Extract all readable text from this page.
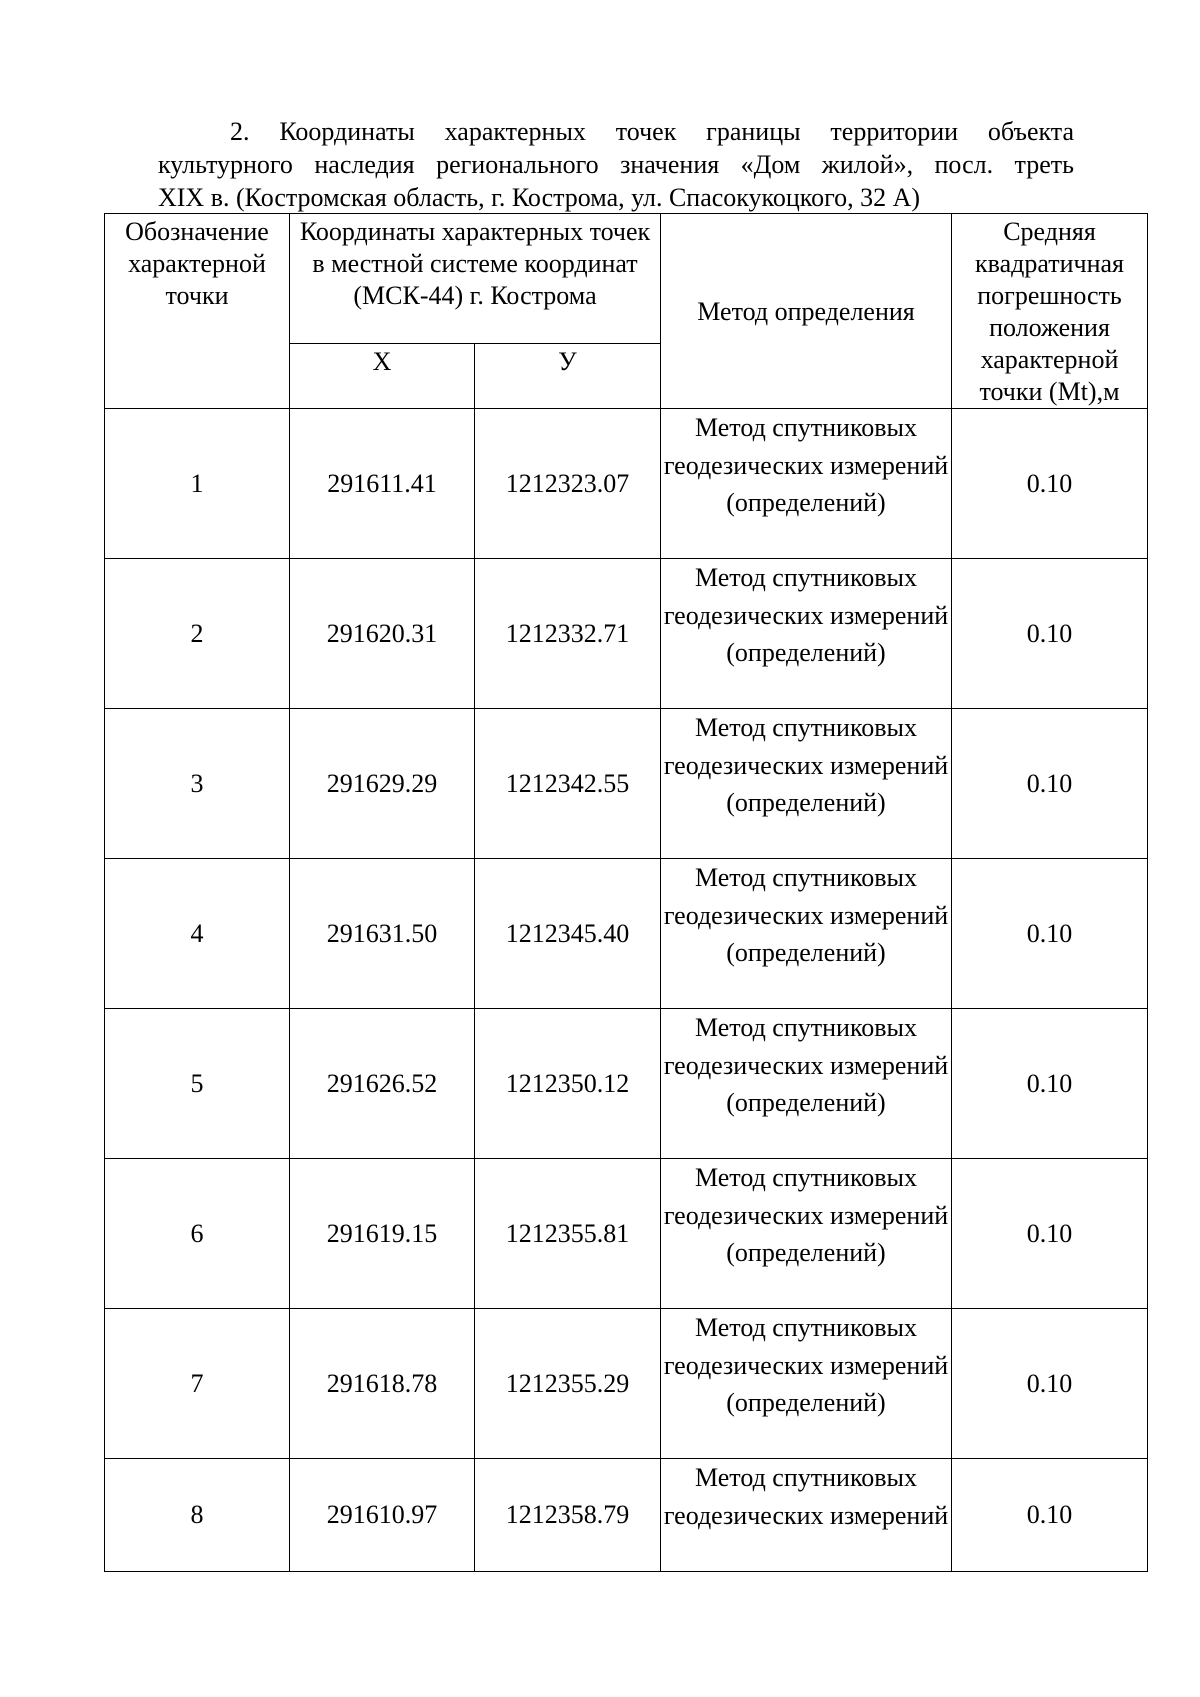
2. Координаты характерных точек границы территории объекта
культурного наследия регионального значения «Дом жилой», посл. треть
XIX в. (Костромская область, г. Кострома, ул. Спасокукоцкого, 32 А)
Обозначение характерной точки	Координаты характерных точек в местной системе координат (МСК-44) г. Кострома		Метод определения	Средняя квадратичная погрешность положения характерной точки (Mt),м
	X	У		
1	291611.41	1212323.07	Метод спутниковых геодезических измерений (определений)	0.10
2	291620.31	1212332.71	Метод спутниковых геодезических измерений (определений)	0.10
3	291629.29	1212342.55	Метод спутниковых геодезических измерений (определений)	0.10
4	291631.50	1212345.40	Метод спутниковых геодезических измерений (определений)	0.10
5	291626.52	1212350.12	Метод спутниковых геодезических измерений (определений)	0.10
6	291619.15	1212355.81	Метод спутниковых геодезических измерений (определений)	0.10
7	291618.78	1212355.29	Метод спутниковых геодезических измерений (определений)	0.10
8	291610.97	1212358.79	Метод спутниковых геодезических измерений	0.10
